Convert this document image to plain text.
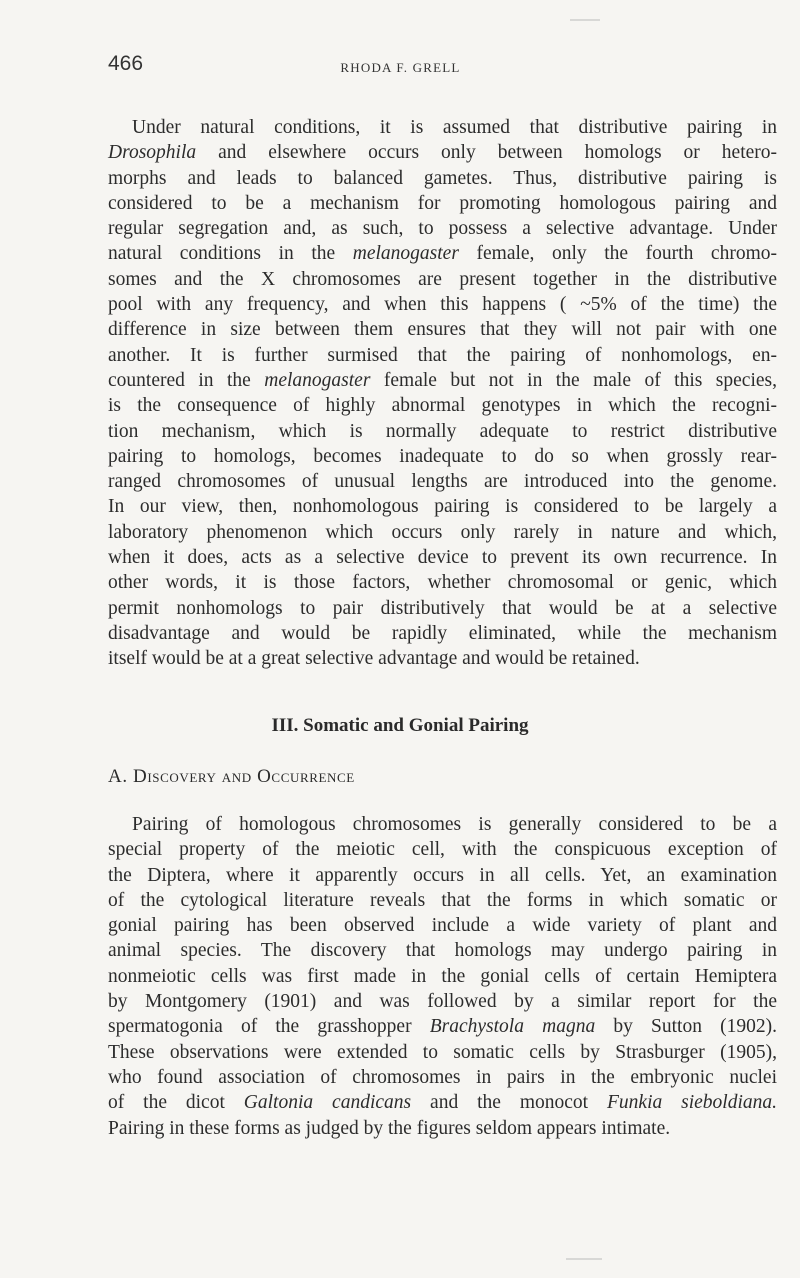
466	RHODA F. GRELL
Under natural conditions, it is assumed that distributive pairing in
Drosophila and elsewhere occurs only between homologs or hetero-
morphs and leads to balanced gametes. Thus, distributive pairing is
considered to be a mechanism for promoting homologous pairing and
regular segregation and, as such, to possess a selective advantage. Under
natural conditions in the melanogaster female, only the fourth chromo-
somes and the X chromosomes are present together in the distributive
pool with any frequency, and when this happens ( ~5% of the time) the
difference in size between them ensures that they will not pair with one
another. It is further surmised that the pairing of nonhomologs, en-
countered in the melanogaster female but not in the male of this species,
is the consequence of highly abnormal genotypes in which the recogni-
tion mechanism, which is normally adequate to restrict distributive
pairing to homologs, becomes inadequate to do so when grossly rear-
ranged chromosomes of unusual lengths are introduced into the genome.
In our view, then, nonhomologous pairing is considered to be largely a
laboratory phenomenon which occurs only rarely in nature and which,
when it does, acts as a selective device to prevent its own recurrence. In
other words, it is those factors, whether chromosomal or genic, which
permit nonhomologs to pair distributively that would be at a selective
disadvantage and would be rapidly eliminated, while the mechanism
itself would be at a great selective advantage and would be retained.
III. Somatic and Gonial Pairing
A. Discovery and Occurrence
Pairing of homologous chromosomes is generally considered to be a
special property of the meiotic cell, with the conspicuous exception of
the Diptera, where it apparently occurs in all cells. Yet, an examination
of the cytological literature reveals that the forms in which somatic or
gonial pairing has been observed include a wide variety of plant and
animal species. The discovery that homologs may undergo pairing in
nonmeiotic cells was first made in the gonial cells of certain Hemiptera
by Montgomery (1901) and was followed by a similar report for the
spermatogonia of the grasshopper Brachystola magna by Sutton (1902).
These observations were extended to somatic cells by Strasburger (1905),
who found association of chromosomes in pairs in the embryonic nuclei
of the dicot Galtonia candicans and the monocot Funkia sieboldiana.
Pairing in these forms as judged by the figures seldom appears intimate.
